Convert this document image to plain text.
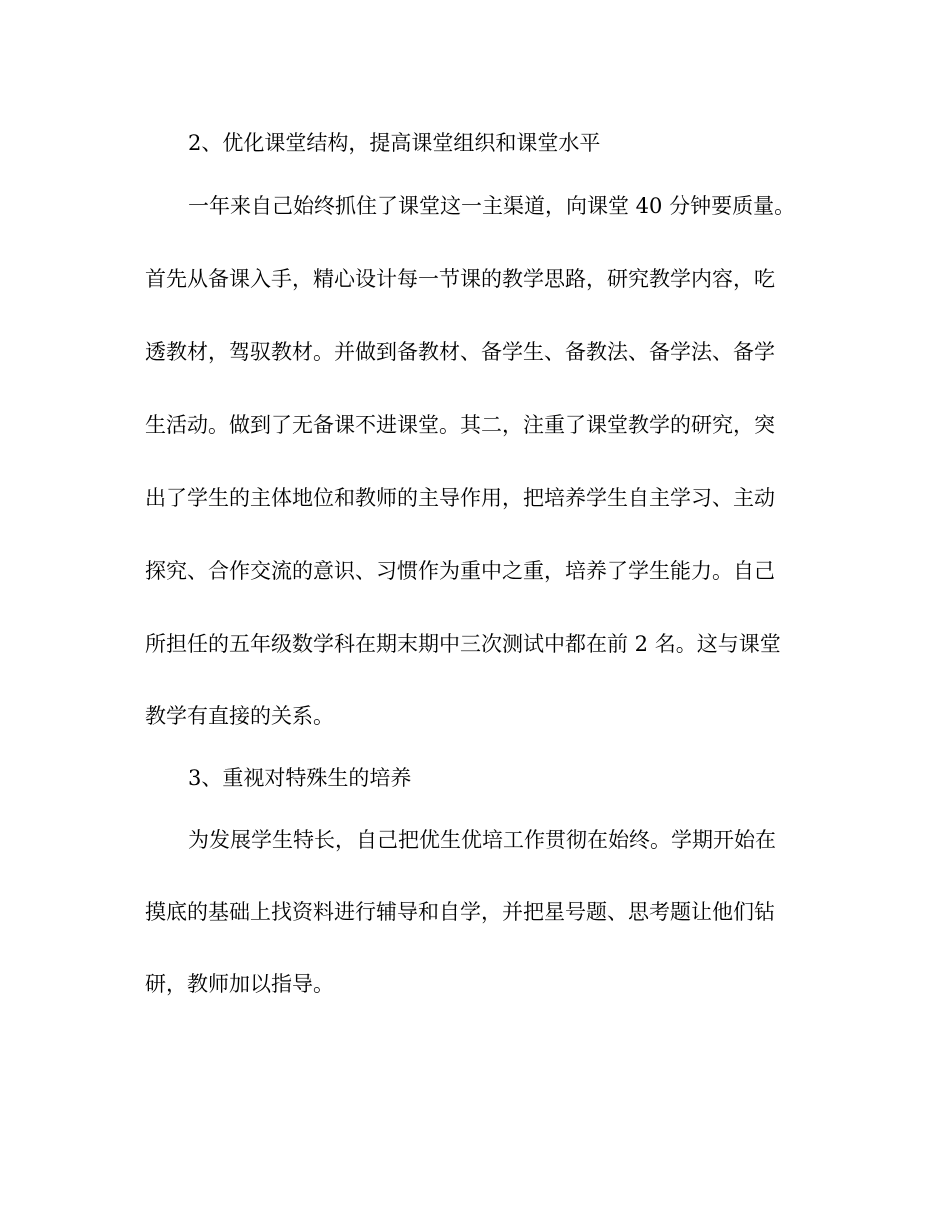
2、优化课堂结构，提高课堂组织和课堂水平
一年来自己始终抓住了课堂这一主渠道，向课堂 40 分钟要质量。
首先从备课入手，精心设计每一节课的教学思路，研究教学内容，吃
透教材，驾驭教材。并做到备教材、备学生、备教法、备学法、备学
生活动。做到了无备课不进课堂。其二，注重了课堂教学的研究，突
出了学生的主体地位和教师的主导作用，把培养学生自主学习、主动
探究、合作交流的意识、习惯作为重中之重，培养了学生能力。自己
所担任的五年级数学科在期末期中三次测试中都在前 2 名。这与课堂
教学有直接的关系。
3、重视对特殊生的培养
为发展学生特长，自己把优生优培工作贯彻在始终。学期开始在
摸底的基础上找资料进行辅导和自学，并把星号题、思考题让他们钻
研，教师加以指导。
